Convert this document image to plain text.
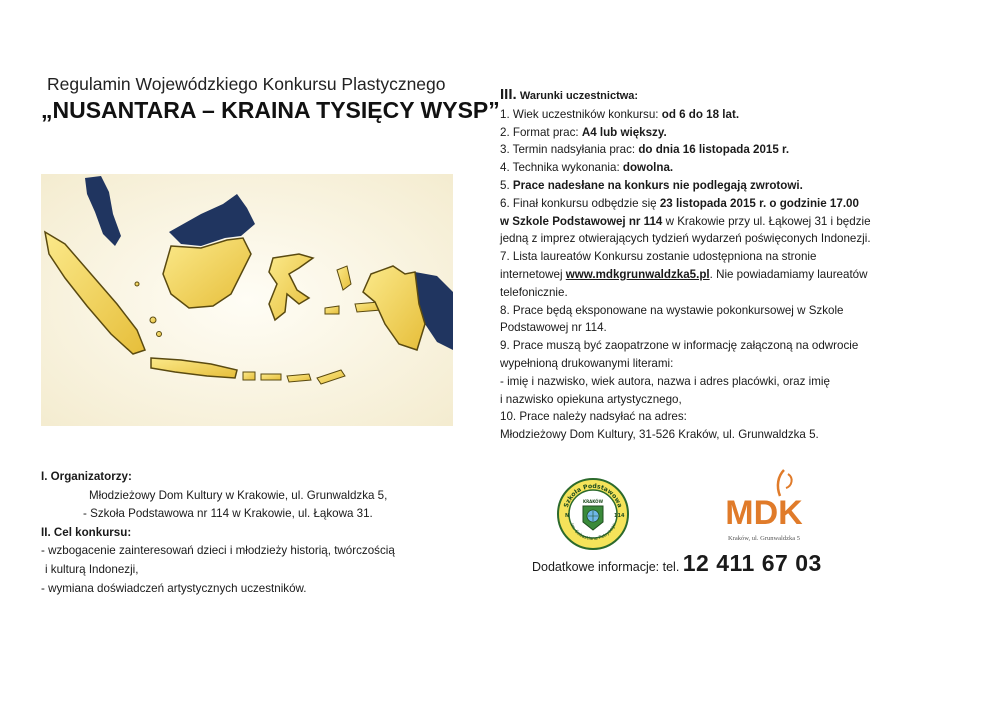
Regulamin Wojewódzkiego Konkursu Plastycznego
„NUSANTARA – KRAINA TYSIĘCY WYSP”
I. Organizatorzy:
Młodzieżowy Dom Kultury w Krakowie, ul. Grunwaldzka 5,
- Szkoła Podstawowa nr 114 w Krakowie, ul. Łąkowa 31.
II. Cel konkursu:
- wzbogacenie zainteresowań dzieci i młodzieży historią, twórczością
i kulturą Indonezji,
- wymiana doświadczeń artystycznych uczestników.
III. Warunki uczestnictwa:
1. Wiek uczestników konkursu: od 6 do 18 lat.
2. Format prac: A4 lub większy.
3. Termin nadsyłania prac: do dnia 16 listopada 2015 r.
4. Technika wykonania: dowolna.
5. Prace nadesłane na konkurs nie podlegają zwrotowi.
6. Finał konkursu odbędzie się 23 listopada 2015 r. o godzinie 17.00
w Szkole Podstawowej nr 114 w Krakowie przy ul. Łąkowej 31 i będzie
jedną z imprez otwierających tydzień wydarzeń poświęconych Indonezji.
7. Lista laureatów Konkursu zostanie udostępniona na stronie
internetowej www.mdkgrunwaldzka5.pl. Nie powiadamiamy laureatów
telefonicznie.
8. Prace będą eksponowane na wystawie pokonkursowej w Szkole
Podstawowej nr 114.
9. Prace muszą być zaopatrzone w informację załączoną na odwrocie
wypełnioną drukowanymi literami:
- imię i nazwisko, wiek autora, nazwa i adres placówki, oraz imię
i nazwisko opiekuna artystycznego,
10. Prace należy nadsyłać na adres:
Młodzieżowy Dom Kultury, 31-526 Kraków, ul. Grunwaldzka 5.
Szkoła Podstawowa
im. Sebastiana Petrycego
KRAKÓW
N	114	MDK
Kraków, ul. Grunwaldzka 5
Dodatkowe informacje: tel. 12 411 67 03
